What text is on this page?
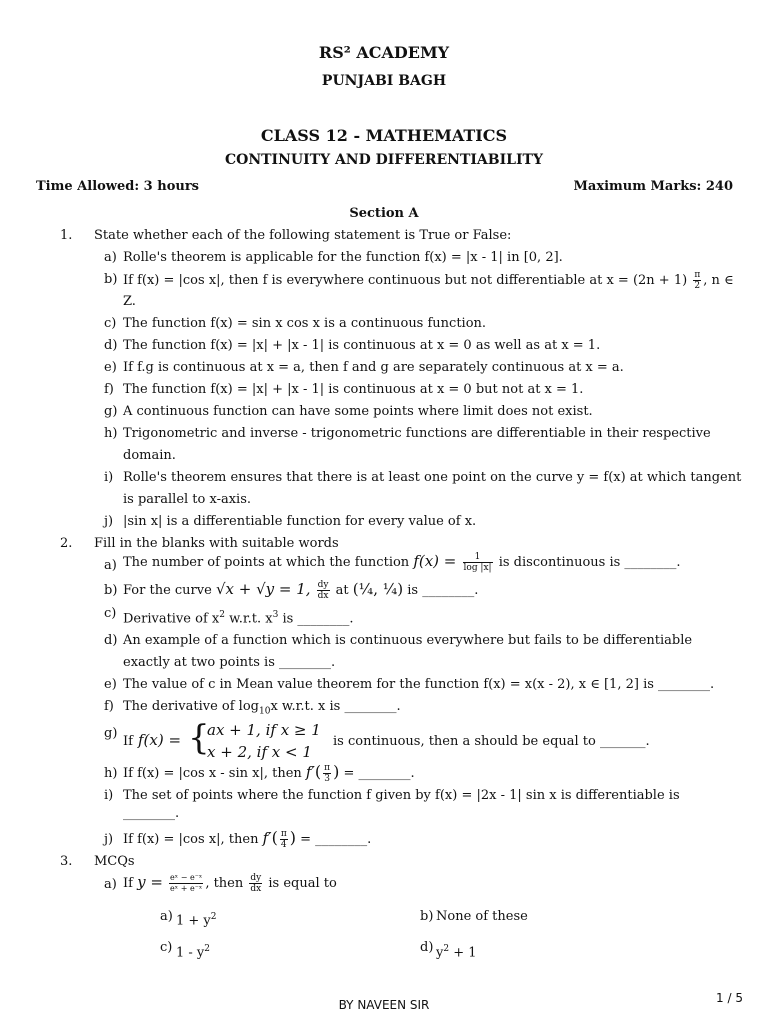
RS² ACADEMY
PUNJABI BAGH
CLASS 12 - MATHEMATICS
CONTINUITY AND DIFFERENTIABILITY
Time Allowed: 3 hours	Maximum Marks: 240
Section A
1. State whether each of the following statement is True or False:
a) Rolle's theorem is applicable for the function f(x) = |x - 1| in [0, 2].
b) If f(x) = |cos x|, then f is everywhere continuous but not differentiable at $x = (2n + 1) \frac{\pi}{2}$ , n ∈
Z.
c) The function f(x) = sin x cos x is a continuous function.
d) The function f(x) = |x| + |x - 1| is continuous at x = 0 as well as at x = 1.
e) If f.g is continuous at x = a, then f and g are separately continuous at x = a.
f) The function f(x) = |x| + |x - 1| is continuous at x = 0 but not at x = 1.
g) A continuous function can have some points where limit does not exist.
h) Trigonometric and inverse - trigonometric functions are differentiable in their respective
domain.
i) Rolle's theorem ensures that there is at least one point on the curve y = f(x) at which tangent
is parallel to x-axis.
j) |sin x| is a differentiable function for every value of x.
2. Fill in the blanks with suitable words
a) The number of points at which the function $f(x) = \frac{1}{\log |x|}$ is discontinuous is ________.
b) For the curve √x + √y = 1, $\frac{dy}{dx}$ at (¼, ¼) is ________.
c) Derivative of $x^2$ w.r.t. $x^3$ is ________.
d) An example of a function which is continuous everywhere but fails to be differentiable
exactly at two points is ________.
e) The value of c in Mean value theorem for the function f(x) = x(x - 2), x ∈ [1, 2] is ________.
f) The derivative of $\log_{10}x$ w.r.t. x is ________.
g)
If f(x) = {
ax + 1, if x ≥ 1
x + 2, if x < 1
is continuous, then a should be equal to _______.
h) If f(x) = |cos x - sin x|, then $f'( \frac{\pi}{3}$ ) = ________.
i) The set of points where the function f given by f(x) = |2x - 1| sin x is differentiable is
________.
j) If f(x) = |cos x|, then $f'( \frac{\pi}{4}$ ) = ________.
3. MCQs
a) If $y = \frac{\text{eˣ − e⁻ˣ}}{\text{eˣ + e⁻ˣ}}$ , then $\frac{dy}{dx}$ is equal to
a) $1 + y^2$	b) None of these
c) $1 - y^2$	d) $y^2 + 1$
BY NAVEEN SIR	1 / 5
